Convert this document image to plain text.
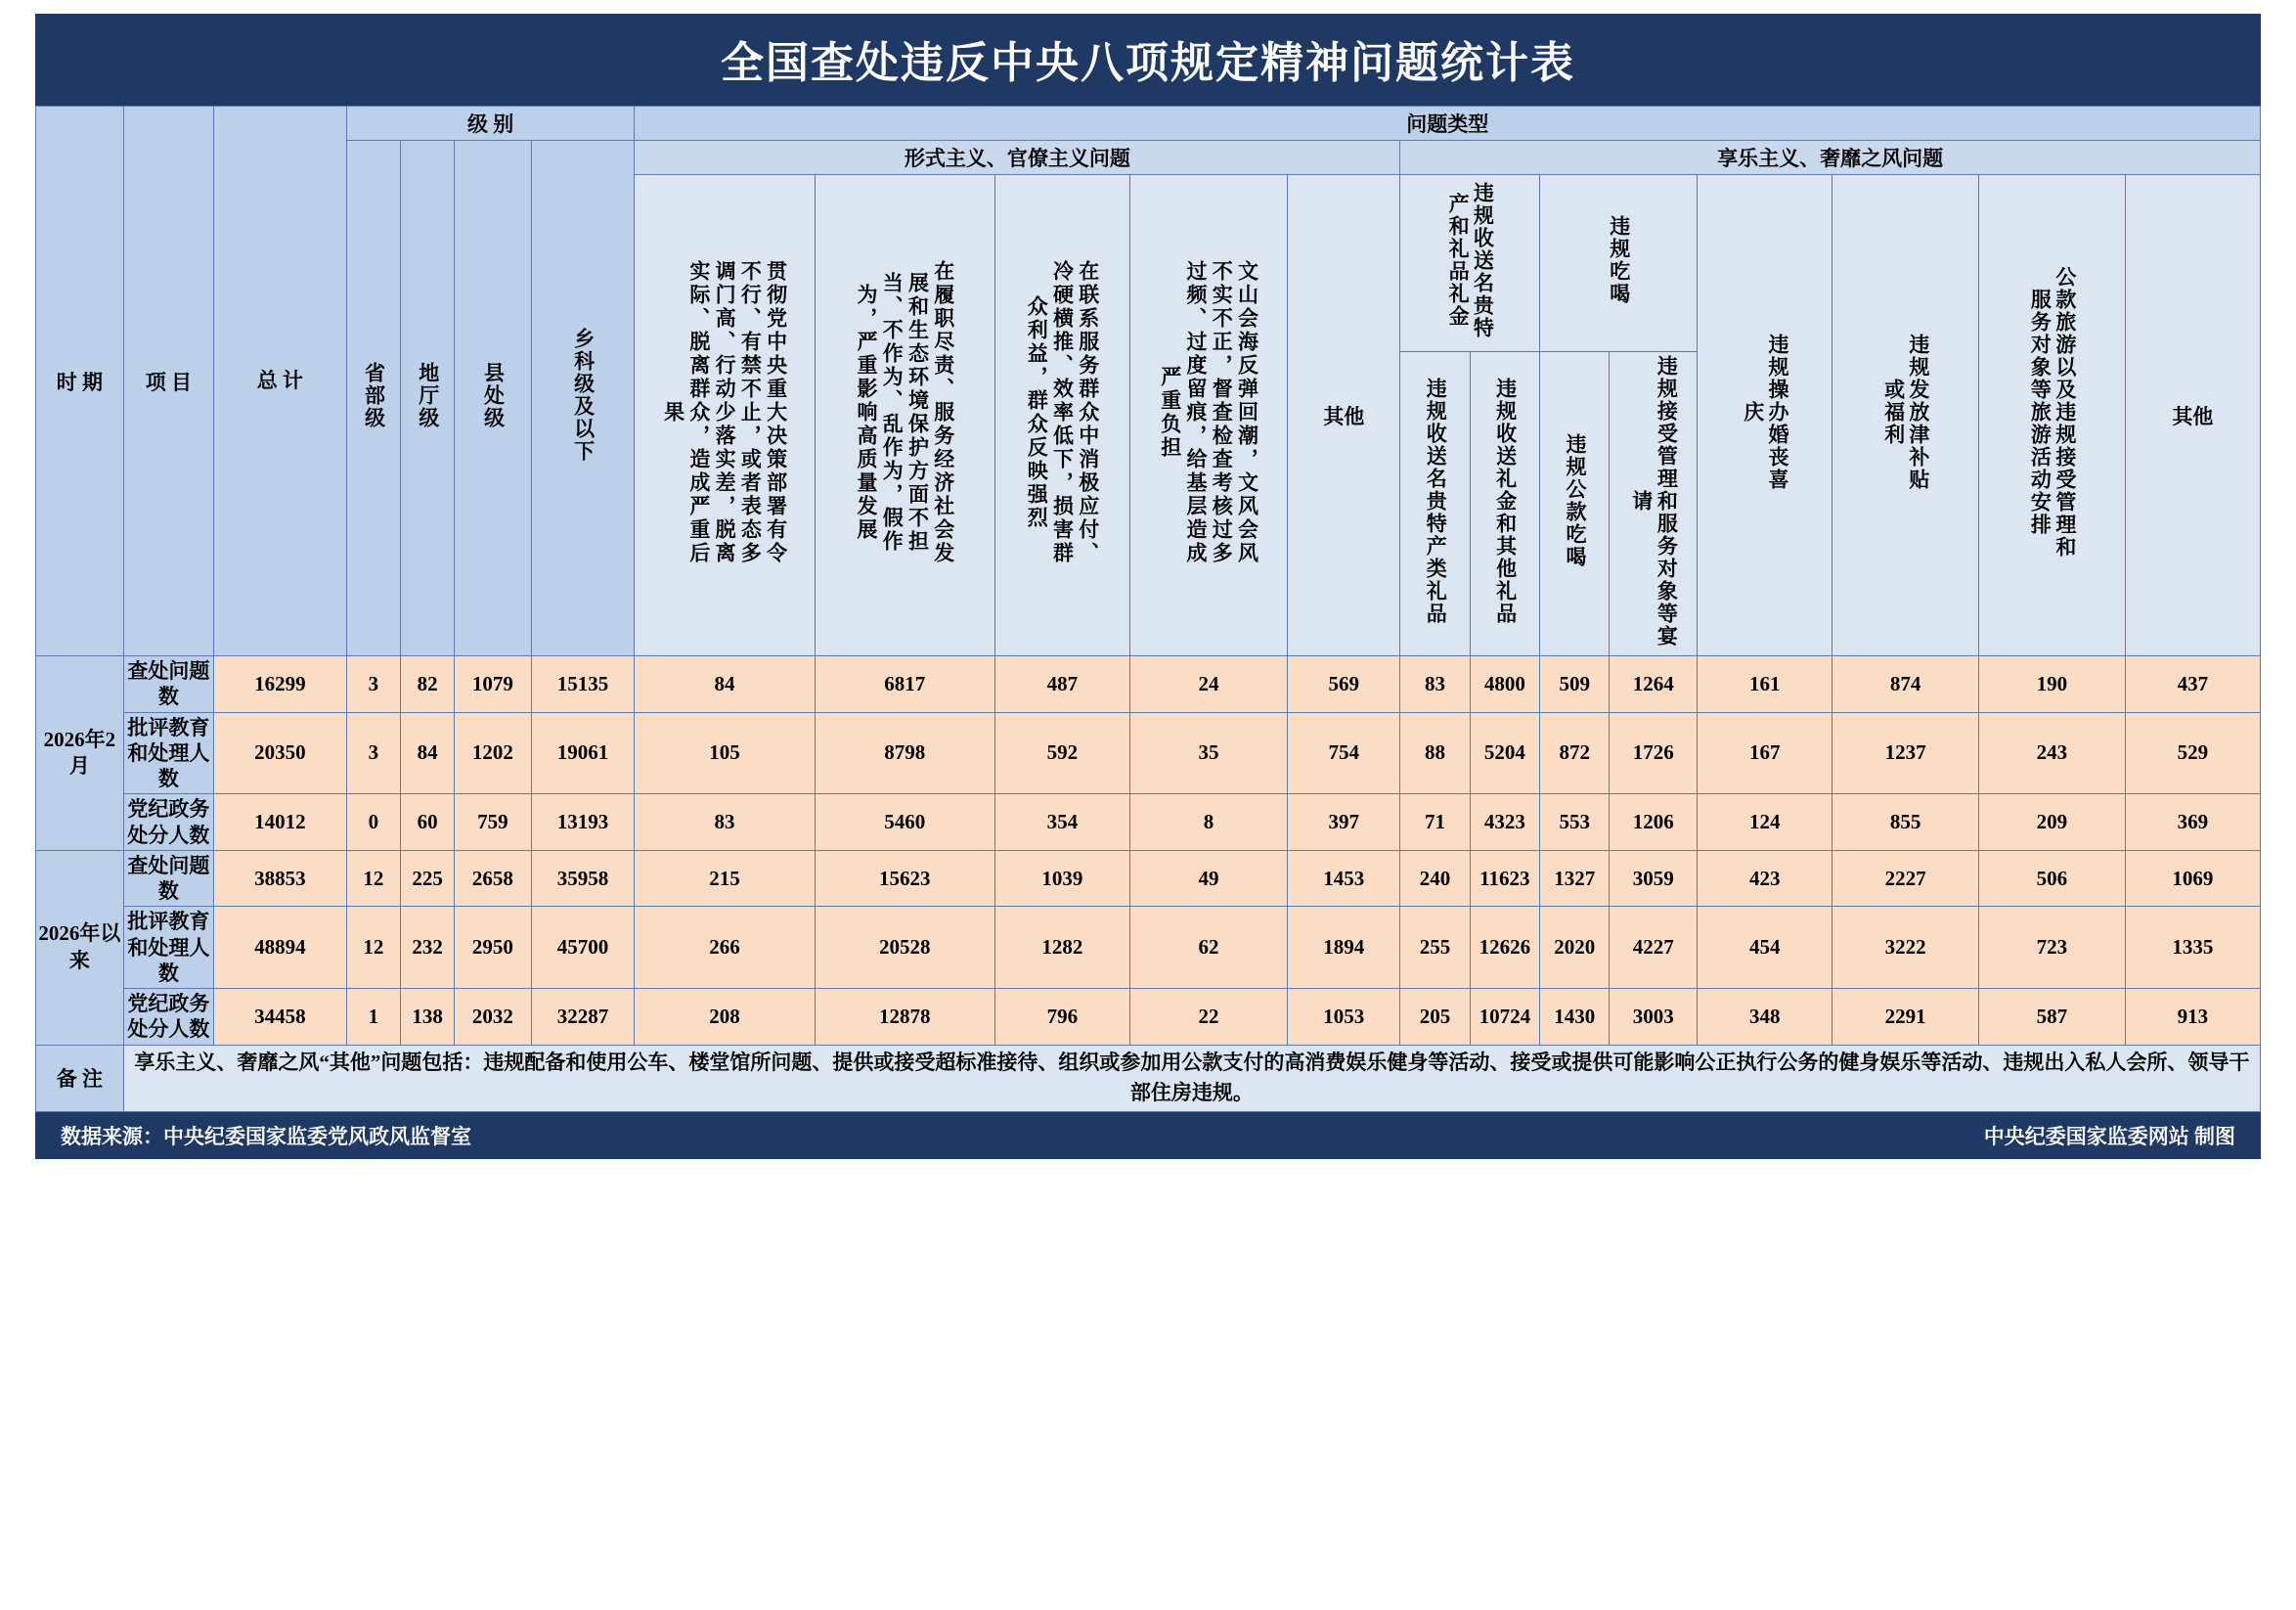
全国查处违反中央八项规定精神问题统计表
时 期	项 目	总 计	级 别				问题类型												
			省部级	地厅级	县处级	乡科级及以下	形式主义、官僚主义问题					享乐主义、奢靡之风问题							
							贯彻党中央重大决策部署有令不行、有禁不止，或者表态多调门高、行动少落实差，脱离实际、脱离群众，造成严重后果	在履职尽责、服务经济社会发展和生态环境保护方面不担当、不作为、乱作为，假作为，严重影响高质量发展	在联系服务群众中消极应付、冷硬横推、效率低下，损害群众利益，群众反映强烈	文山会海反弹回潮，文风会风不实不正，督查检查考核过多过频、过度留痕，给基层造成严重负担	其他	违规收送名贵特产和礼品礼金		违规吃喝		违规操办婚丧喜庆	违规发放津补贴或福利	公款旅游以及违规接受管理和服务对象等旅游活动安排	其他
												违规收送名贵特产类礼品	违规收送礼金和其他礼品	违规公款吃喝	违规接受管理和服务对象等宴请				
2026年2月	查处问题数	16299	3	82	1079	15135	84	6817	487	24	569	83	4800	509	1264	161	874	190	437
	批评教育和处理人数	20350	3	84	1202	19061	105	8798	592	35	754	88	5204	872	1726	167	1237	243	529
	党纪政务处分人数	14012	0	60	759	13193	83	5460	354	8	397	71	4323	553	1206	124	855	209	369
2026年以来	查处问题数	38853	12	225	2658	35958	215	15623	1039	49	1453	240	11623	1327	3059	423	2227	506	1069
	批评教育和处理人数	48894	12	232	2950	45700	266	20528	1282	62	1894	255	12626	2020	4227	454	3222	723	1335
	党纪政务处分人数	34458	1	138	2032	32287	208	12878	796	22	1053	205	10724	1430	3003	348	2291	587	913
备 注	享乐主义、奢靡之风“其他”问题包括：违规配备和使用公车、楼堂馆所问题、提供或接受超标准接待、组织或参加用公款支付的高消费娱乐健身等活动、接受或提供可能影响公正执行公务的健身娱乐等活动、违规出入私人会所、领导干部住房违规。																		
数据来源：中央纪委国家监委党风政风监督室	中央纪委国家监委网站 制图
